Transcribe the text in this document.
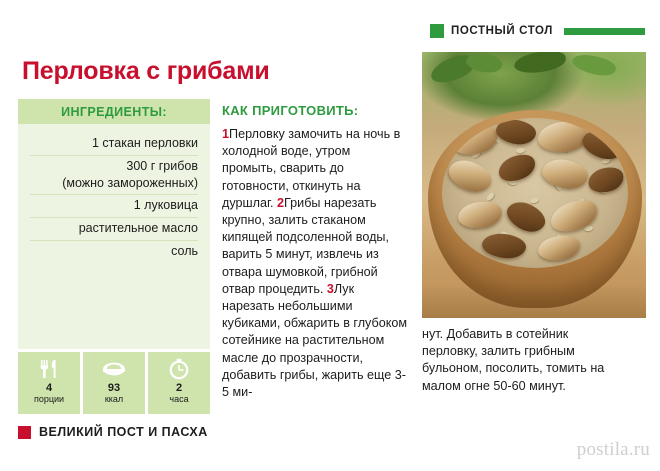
ПОСТНЫЙ СТОЛ
Перловка с грибами
ИНГРЕДИЕНТЫ:
1 стакан перловки
300 г грибов
(можно замороженных)
1 луковица
растительное масло
соль
4
порции
93
ккал
2
часа
ВЕЛИКИЙ ПОСТ И ПАСХА
КАК ПРИГОТОВИТЬ:
1Перловку замочить на ночь в холодной воде, утром промыть, сварить до готовности, откинуть на дуршлаг. 2Грибы нарезать крупно, залить стаканом кипящей подсоленной воды, варить 5 минут, извлечь из отвара шумовкой, грибной отвар процедить. 3Лук нарезать небольшими кубиками, обжарить в глубоком сотейнике на растительном масле до прозрачности, добавить грибы, жарить еще 3-5 ми-
нут. Добавить в сотейник перловку, залить грибным бульоном, посолить, томить на малом огне 50-60 минут.
postila.ru
